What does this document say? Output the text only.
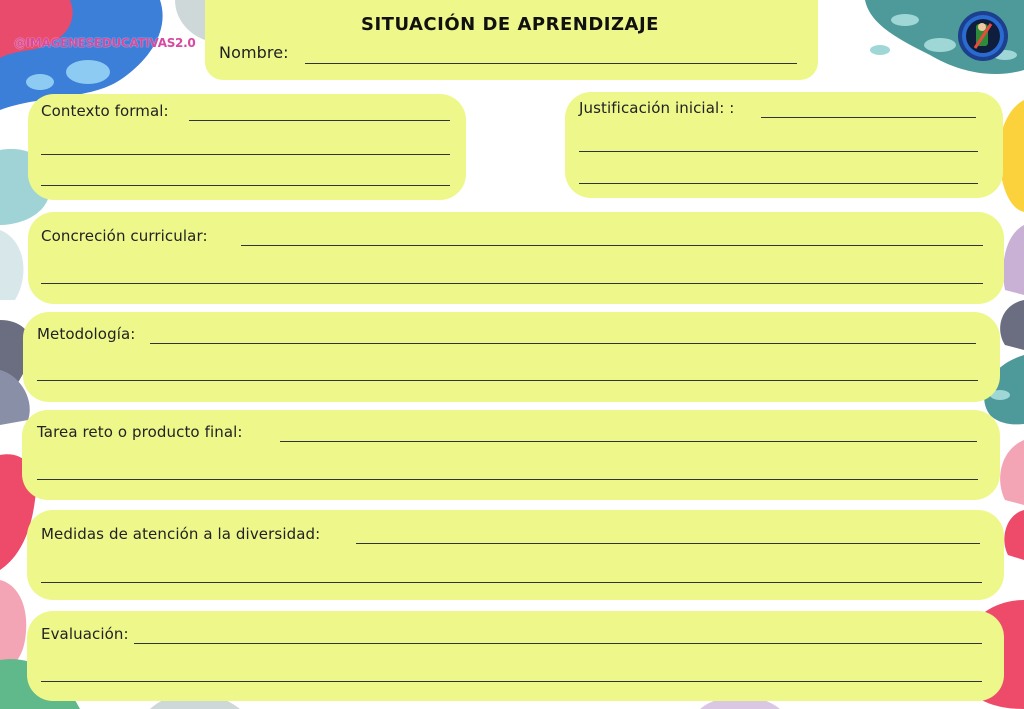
@IMAGENESEDUCATIVAS2.0
SITUACIÓN DE APRENDIZAJE
Nombre:
Contexto formal:	Justificación inicial: :
Concreción curricular:
Metodología:
Tarea reto o producto final:
Medidas de atención a la diversidad:
Evaluación:
